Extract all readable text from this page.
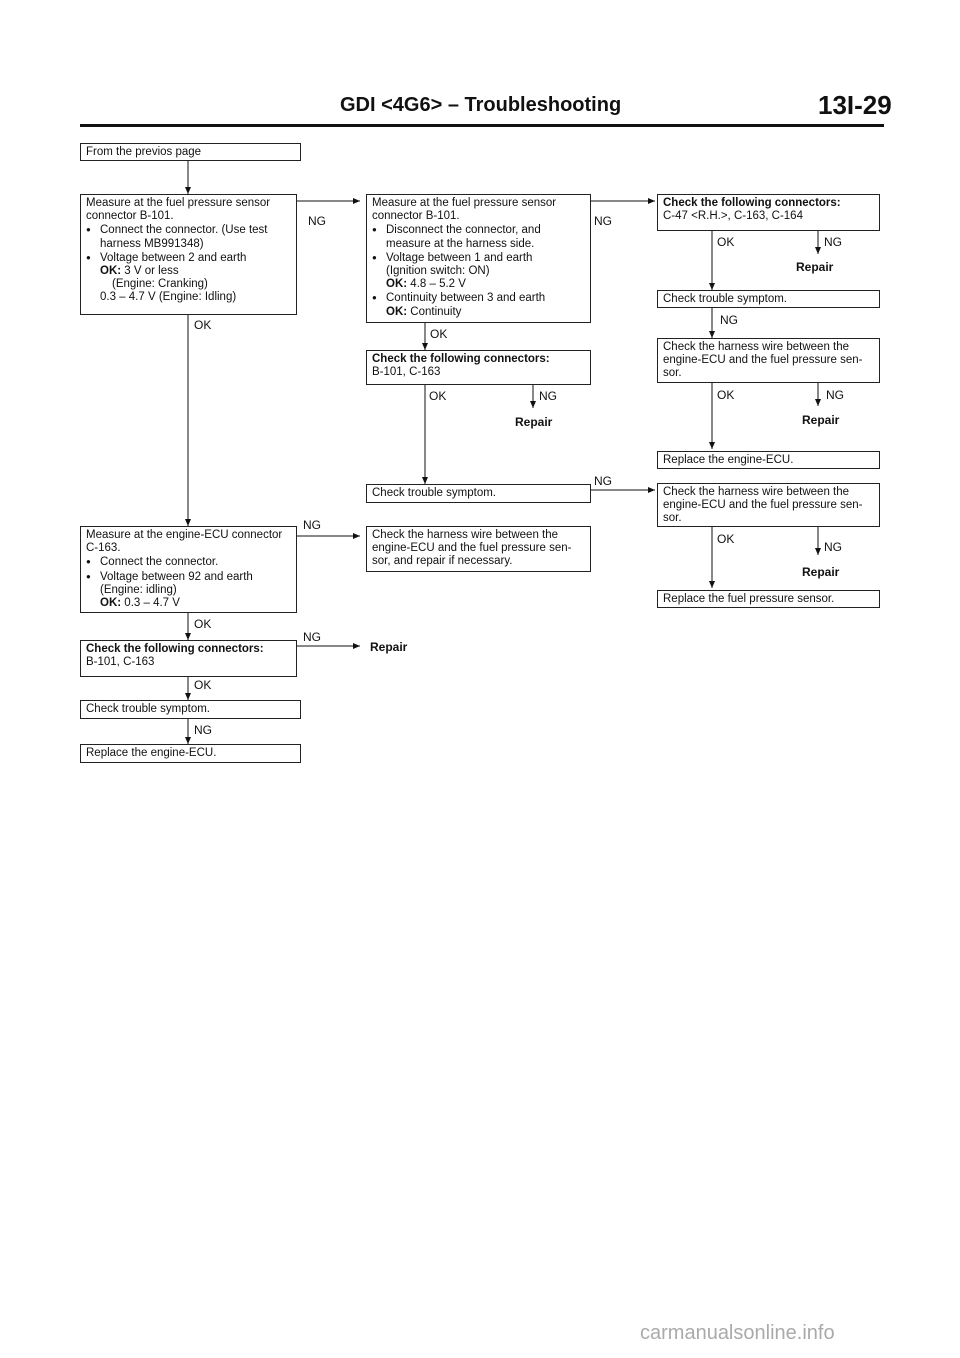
GDI <4G6> – Troubleshooting	13I-29
From the previos page
Measure at the fuel pressure sensor
connector B-101.
● Connect the connector. (Use test harness MB991348)
● Voltage between 2 and earth
OK: 3 V or less
(Engine: Cranking)
0.3 – 4.7 V (Engine: Idling)
Measure at the engine-ECU connector
C-163.
● Connect the connector.
● Voltage between 92 and earth
(Engine: idling)
OK: 0.3 – 4.7 V
Check the following connectors:
B-101, C-163
Check trouble symptom.
Replace the engine-ECU.
Measure at the fuel pressure sensor
connector B-101.
● Disconnect the connector, and measure at the harness side.
● Voltage between 1 and earth
(Ignition switch: ON)
OK: 4.8 – 5.2 V
● Continuity between 3 and earth
OK: Continuity
Check the following connectors:
B-101, C-163
Check trouble symptom.
Check the harness wire between the engine-ECU and the fuel pressure sen-sor, and repair if necessary.
Check the following connectors:
C-47 <R.H.>, C-163, C-164
Check trouble symptom.
Check the harness wire between the engine-ECU and the fuel pressure sen-sor.
Replace the engine-ECU.
Check the harness wire between the engine-ECU and the fuel pressure sen-sor.
Replace the fuel pressure sensor.
NG
OK
NG
OK
NG
Repair
OK
NG
NG
OK
OK	NG
Repair
NG
OK	NG
Repair
NG
OK	NG
Repair
OK
NG
Repair
carmanualsonline.info
